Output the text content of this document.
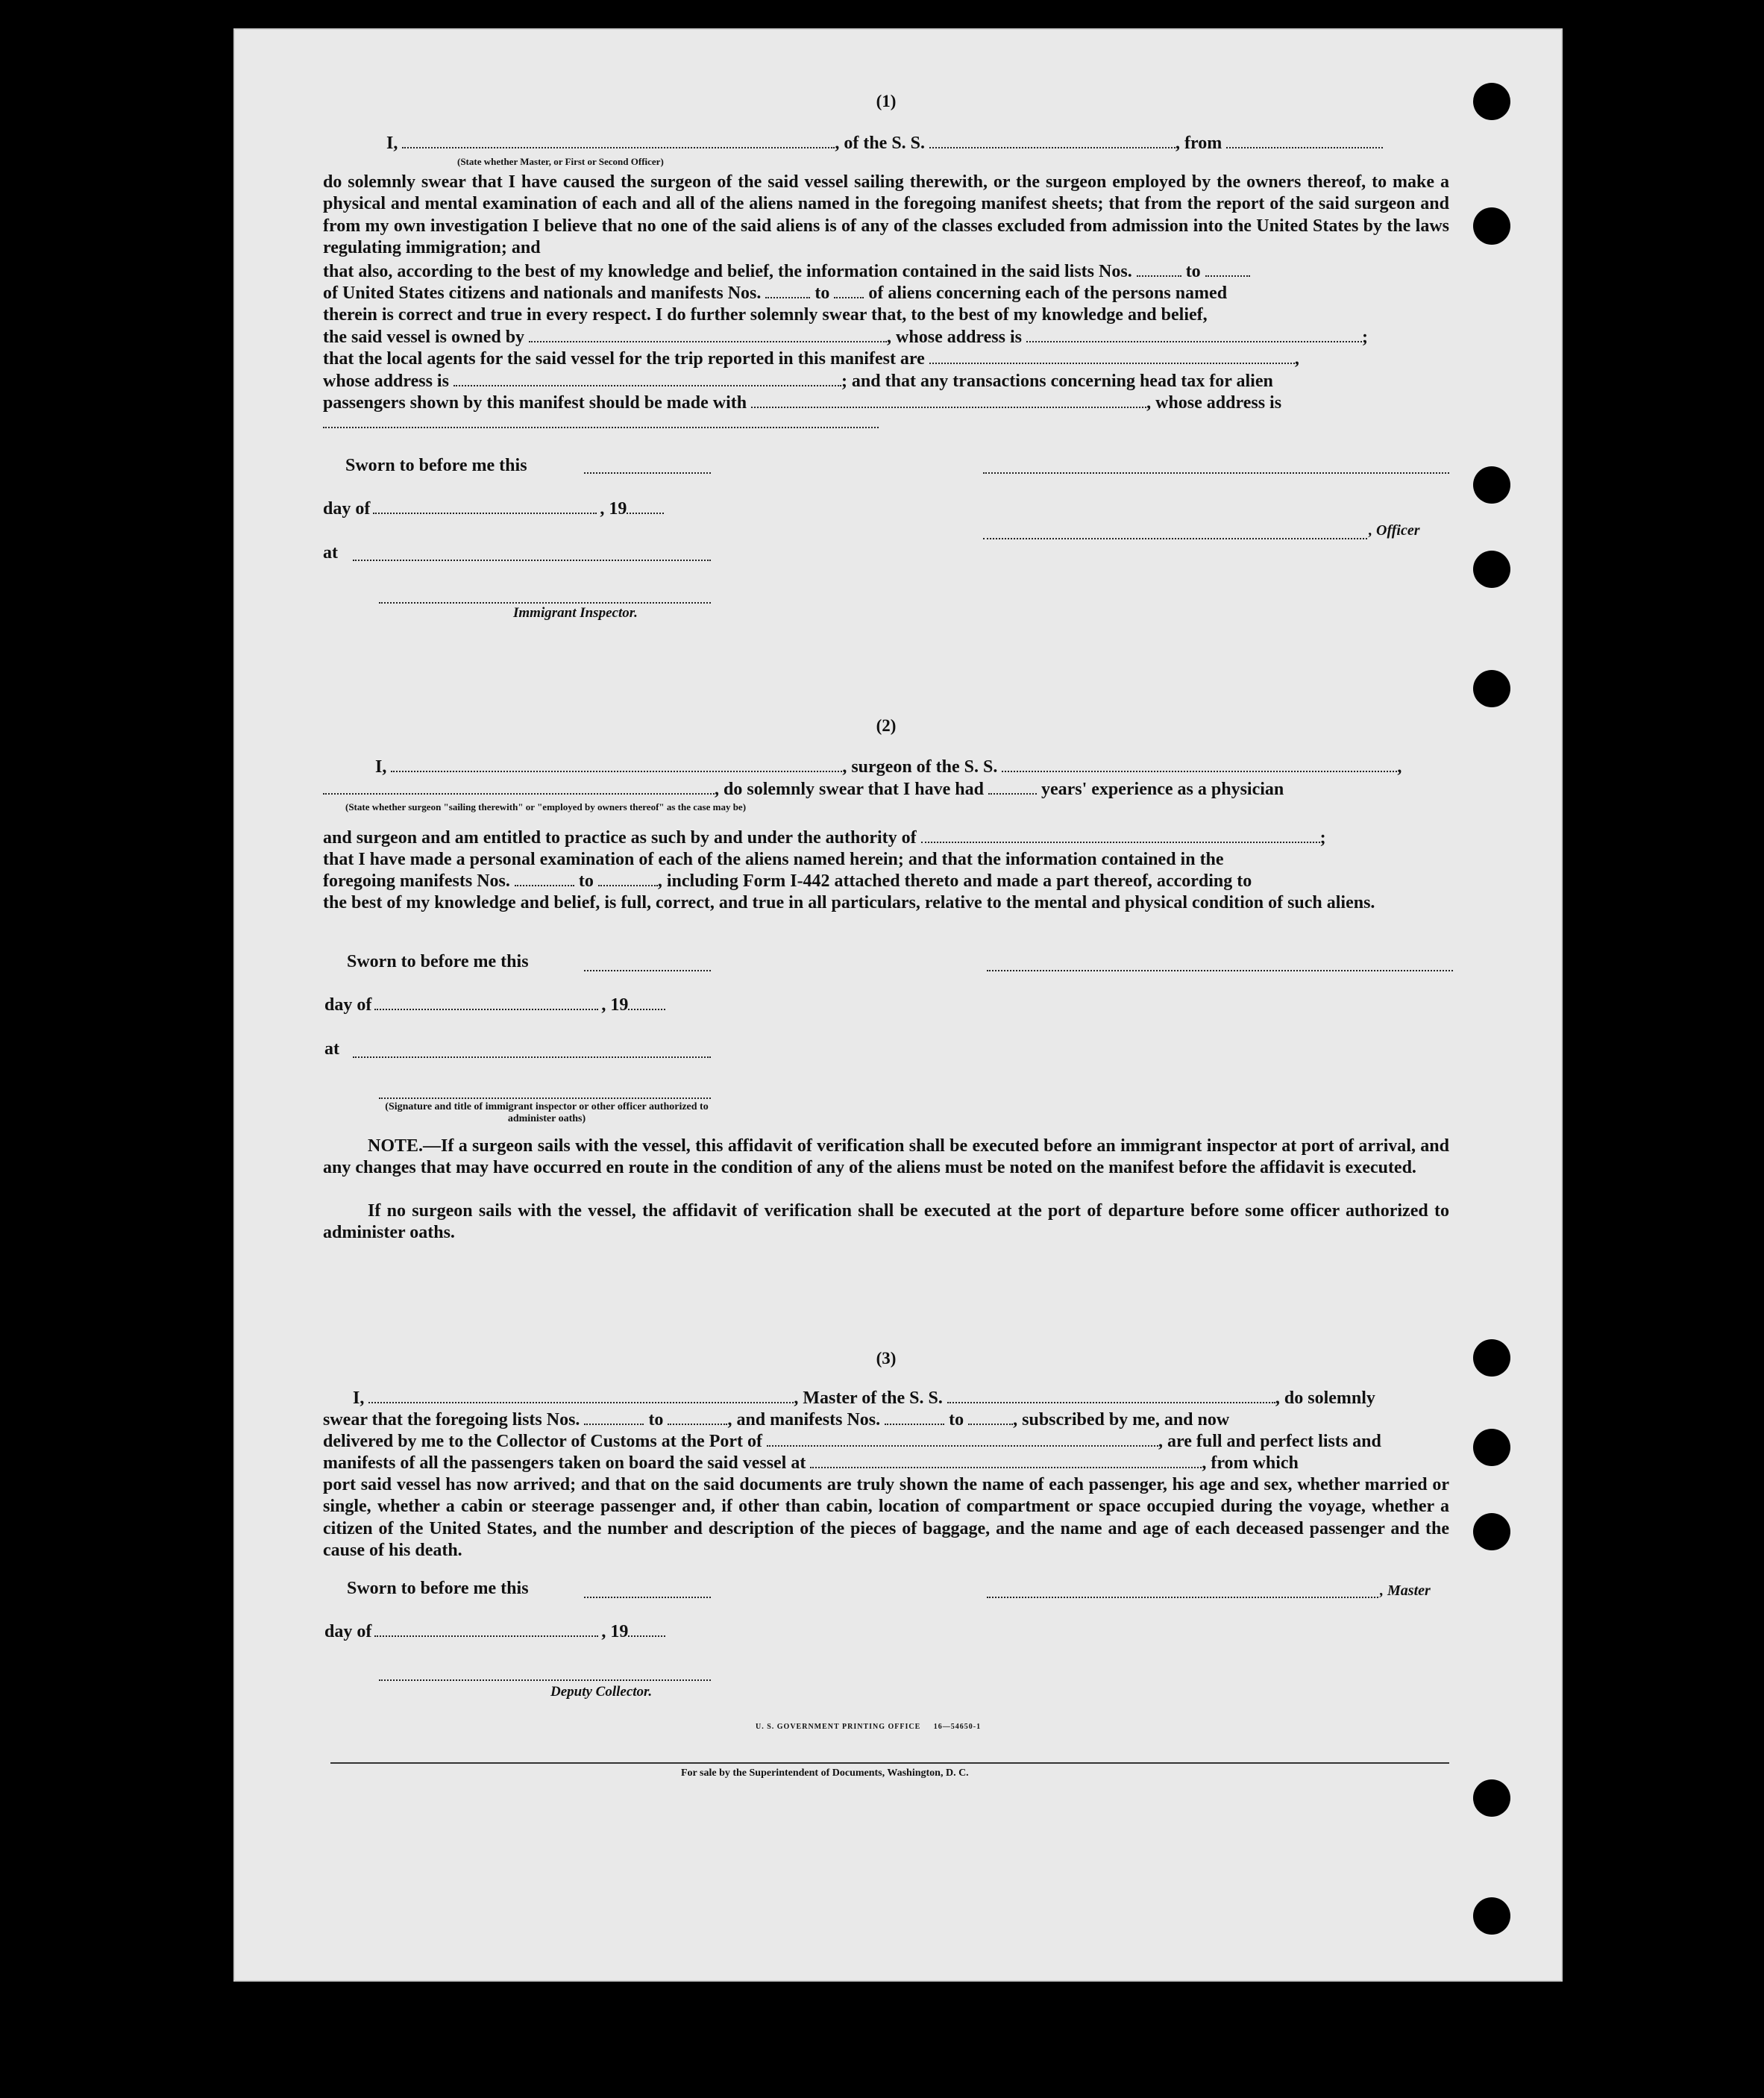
(1)
I,	, of the S. S.	, from
(State whether Master, or First or Second Officer)
do solemnly swear that I have caused the surgeon of the said vessel sailing therewith, or the surgeon employed by the owners thereof, to make a physical and mental examination of each and all of the aliens named in the foregoing manifest sheets; that from the report of the said surgeon and from my own investigation I believe that no one of the said aliens is of any of the classes excluded from admission into the United States by the laws regulating immigration; and
that also, according to the best of my knowledge and belief, the information contained in the said lists Nos.	to
of United States citizens and nationals and manifests Nos.	to of aliens concerning each of the persons named
therein is correct and true in every respect. I do further solemnly swear that, to the best of my knowledge and belief,
the said vessel is owned by	, whose address is	;
that the local agents for the said vessel for the trip reported in this manifest are	,
whose address is	; and that any transactions concerning head tax for alien
passengers shown by this manifest should be made with	, whose address is
Sworn to before me this
day of	, 19
, Officer
at
Immigrant Inspector.
(2)
I,	, surgeon of the S. S.	,
, do solemnly swear that I have had	years' experience as a physician
(State whether surgeon "sailing therewith" or "employed by owners thereof" as the case may be)
and surgeon and am entitled to practice as such by and under the authority of	;
that I have made a personal examination of each of the aliens named herein; and that the information contained in the
foregoing manifests Nos.	to	, including Form I-442 attached thereto and made a part thereof, according to
the best of my knowledge and belief, is full, correct, and true in all particulars, relative to the mental and physical condition of such aliens.
Sworn to before me this
day of	, 19
at
(Signature and title of immigrant inspector or other officer authorized to administer oaths)
NOTE.—If a surgeon sails with the vessel, this affidavit of verification shall be executed before an immigrant inspector at port of arrival, and any changes that may have occurred en route in the condition of any of the aliens must be noted on the manifest before the affidavit is executed.
If no surgeon sails with the vessel, the affidavit of verification shall be executed at the port of departure before some officer authorized to administer oaths.
(3)
I,	, Master of the S. S.	, do solemnly
swear that the foregoing lists Nos.	to	, and manifests Nos.	to	, subscribed by me, and now
delivered by me to the Collector of Customs at the Port of	, are full and perfect lists and
manifests of all the passengers taken on board the said vessel at	, from which
port said vessel has now arrived; and that on the said documents are truly shown the name of each passenger, his age and sex, whether married or single, whether a cabin or steerage passenger and, if other than cabin, location of compartment or space occupied during the voyage, whether a citizen of the United States, and the number and description of the pieces of baggage, and the name and age of each deceased passenger and the cause of his death.
Sworn to before me this	, Master
day of	, 19
Deputy Collector.
U. S. GOVERNMENT PRINTING OFFICE     16—54650-1
For sale by the Superintendent of Documents, Washington, D. C.
